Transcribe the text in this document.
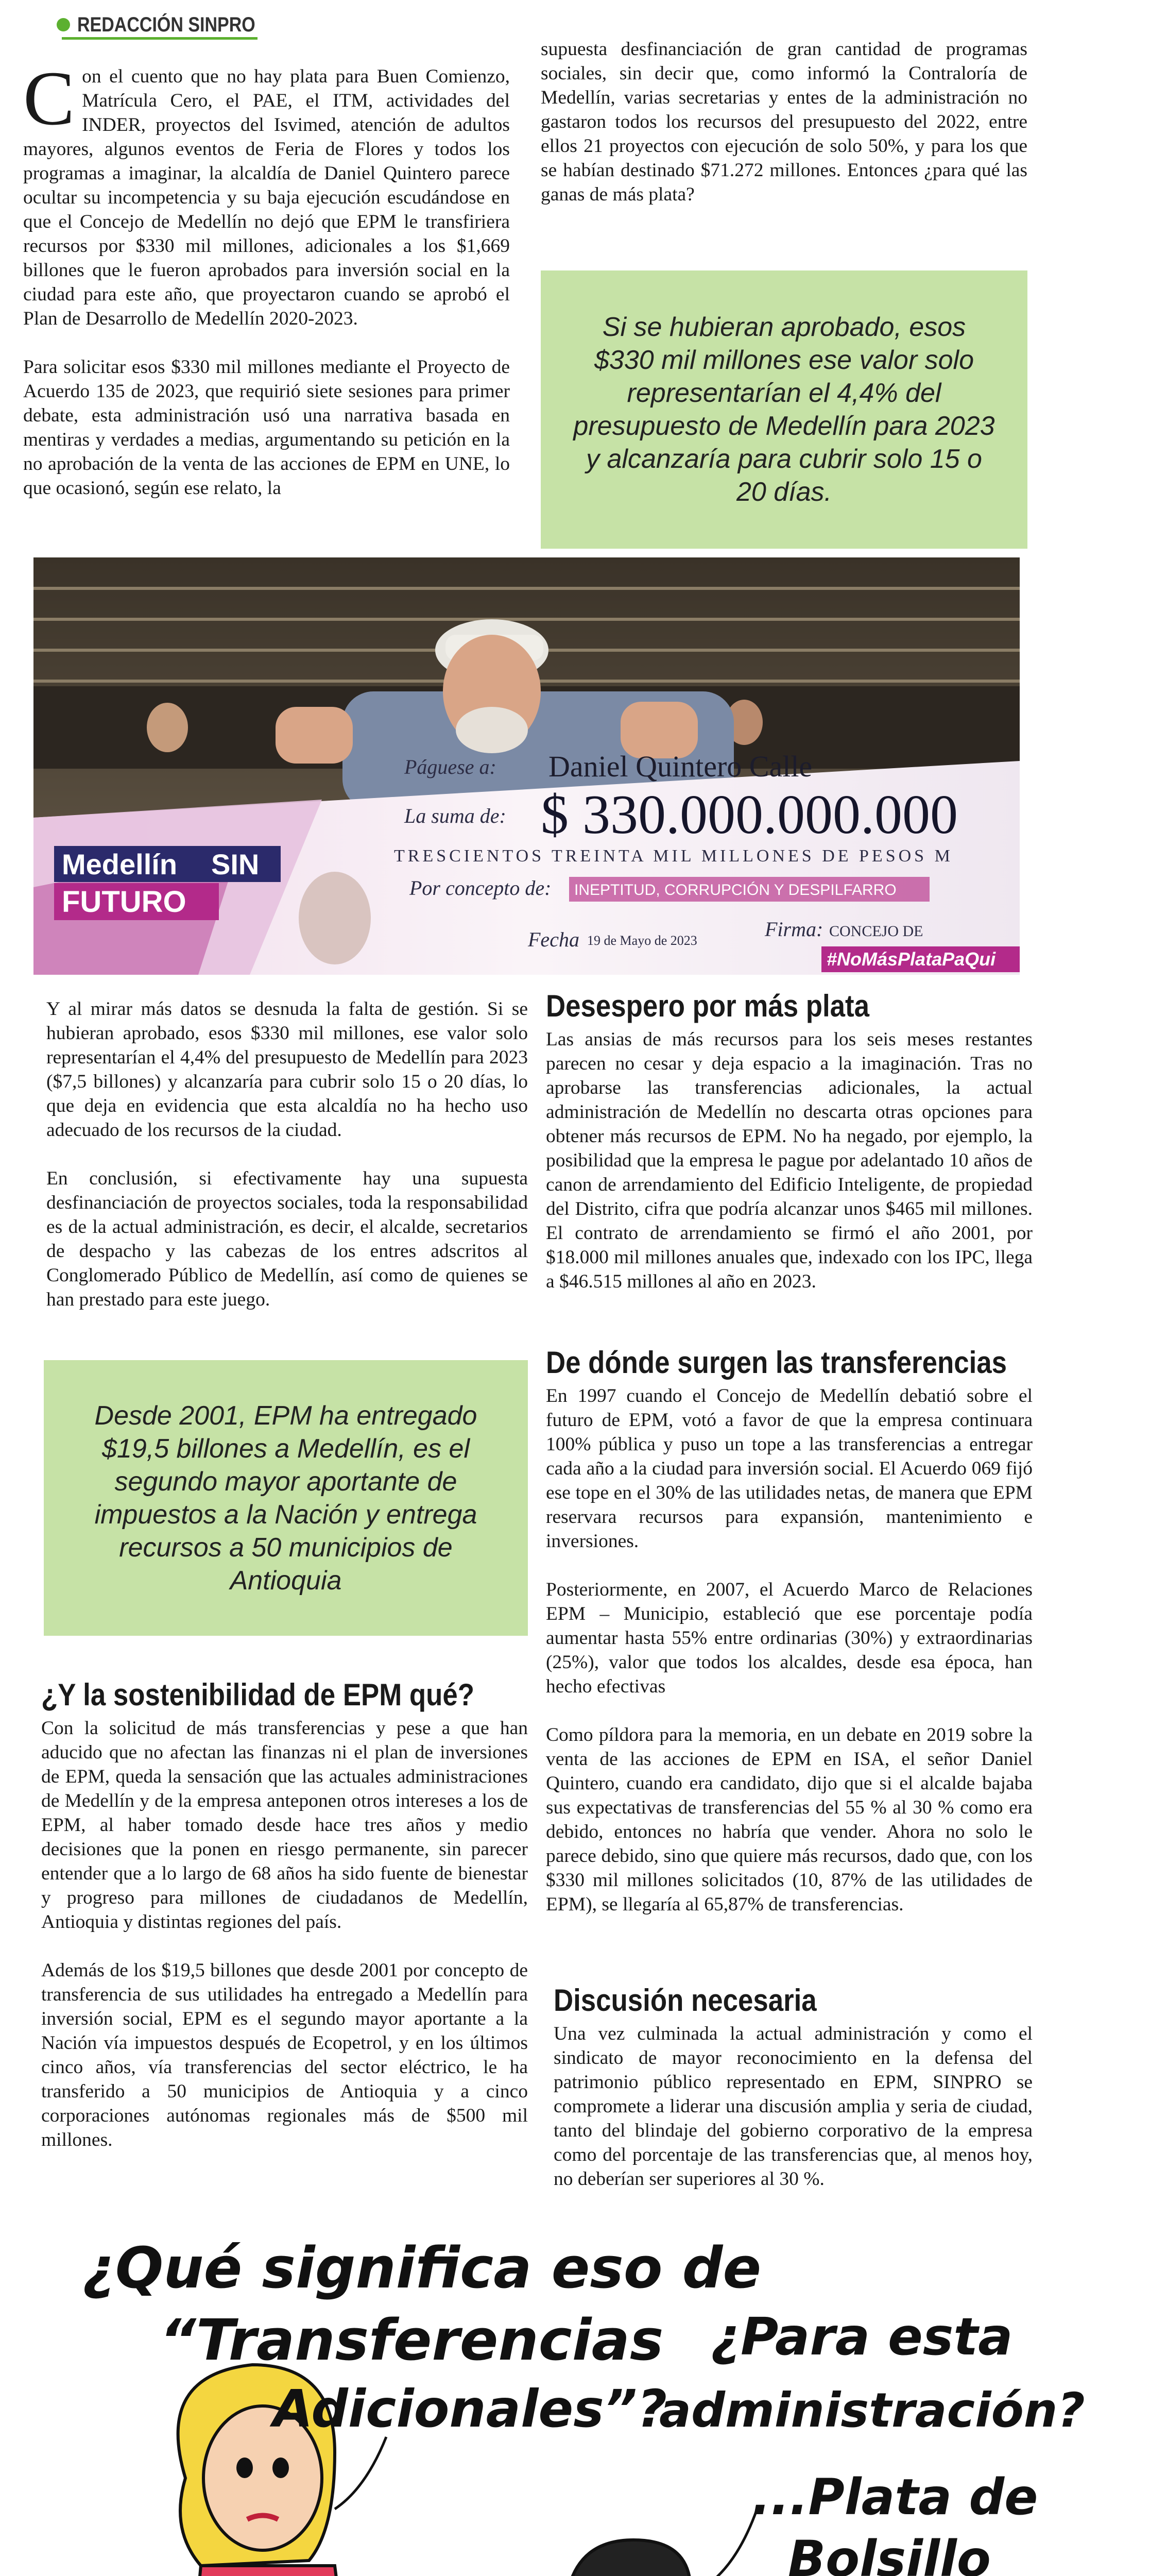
REDACCIÓN SINPRO

Con el cuento que no hay plata para Buen Comienzo, Matrícula Cero, el PAE, el ITM, actividades del INDER, proyectos del Isvimed, atención de adultos mayores, algunos eventos de Feria de Flores y todos los programas a imaginar, la alcaldía de Daniel Quintero parece ocultar su incompetencia y su baja ejecución escudándose en que el Concejo de Medellín no dejó que EPM le transfiriera recursos por $330 mil millones, adicionales a los $1,669 billones que le fueron aprobados para inversión social en la ciudad para este año, que proyectaron cuando se aprobó el Plan de Desarrollo de Medellín 2020-2023.

Para solicitar esos $330 mil millones mediante el Proyecto de Acuerdo 135 de 2023, que requirió siete sesiones para primer debate, esta administración usó una narrativa basada en mentiras y verdades a medias, argumentando su petición en la no aprobación de la venta de las acciones de EPM en UNE, lo que ocasionó, según ese relato, la

supuesta desfinanciación de gran cantidad de programas sociales, sin decir que, como informó la Contraloría de Medellín, varias secretarias y entes de la administración no gastaron todos los recursos del presupuesto del 2022, entre ellos 21 proyectos con ejecución de solo 50%, y para los que se habían destinado $71.272 millones. Entonces ¿para qué las ganas de más plata?

Si se hubieran aprobado, esos $330 mil millones ese valor solo representarían el 4,4% del presupuesto de Medellín para 2023 y alcanzaría para cubrir solo 15 o 20 días.
Medellín SIN
FUTURO
Páguese a: Daniel Quintero Calle
La suma de: $ 330.000.000.000
TRESCIENTOS TREINTA MIL MILLONES DE PESOS M
Por concepto de: INEPTITUD, CORRUPCIÓN Y DESPILFARRO
Fecha 19 de Mayo de 2023	Firma: CONCEJO DE
#NoMásPlataPaQui

Y al mirar más datos se desnuda la falta de gestión. Si se hubieran aprobado, esos $330 mil millones, ese valor solo representarían el 4,4% del presupuesto de Medellín para 2023 ($7,5 billones) y alcanzaría para cubrir solo 15 o 20 días, lo que deja en evidencia que esta alcaldía no ha hecho uso adecuado de los recursos de la ciudad.

En conclusión, si efectivamente hay una supuesta desfinanciación de proyectos sociales, toda la responsabilidad es de la actual administración, es decir, el alcalde, secretarios de despacho y las cabezas de los entres adscritos al Conglomerado Público de Medellín, así como de quienes se han prestado para este juego.

Desde 2001, EPM ha entregado $19,5 billones a Medellín, es el segundo mayor aportante de impuestos a la Nación y entrega recursos a 50 municipios de Antioquia
¿Y la sostenibilidad de EPM qué?

Con la solicitud de más transferencias y pese a que han aducido que no afectan las finanzas ni el plan de inversiones de EPM, queda la sensación que las actuales administraciones de Medellín y de la empresa anteponen otros intereses a los de EPM, al haber tomado desde hace tres años y medio decisiones que la ponen en riesgo permanente, sin parecer entender que a lo largo de 68 años ha sido fuente de bienestar y progreso para millones de ciudadanos de Medellín, Antioquia y distintas regiones del país.

Además de los $19,5 billones que desde 2001 por concepto de transferencia de sus utilidades ha entregado a Medellín para inversión social, EPM es el segundo mayor aportante a la Nación vía impuestos después de Ecopetrol, y en los últimos cinco años, vía transferencias del sector eléctrico, le ha transferido a 50 municipios de Antioquia y a cinco corporaciones autónomas regionales más de $500 mil millones.

Desespero por más plata

Las ansias de más recursos para los seis meses restantes parecen no cesar y deja espacio a la imaginación. Tras no aprobarse las transferencias adicionales, la actual administración de Medellín no descarta otras opciones para obtener más recursos de EPM. No ha negado, por ejemplo, la posibilidad que la empresa le pague por adelantado 10 años de canon de arrendamiento del Edificio Inteligente, de propiedad del Distrito, cifra que podría alcanzar unos $465 mil millones. El contrato de arrendamiento se firmó el año 2001, por $18.000 mil millones anuales que, indexado con los IPC, llega a $46.515 millones al año en 2023.

De dónde surgen las transferencias

En 1997 cuando el Concejo de Medellín debatió sobre el futuro de EPM, votó a favor de que la empresa continuara 100% pública y puso un tope a las transferencias a entregar cada año a la ciudad para inversión social. El Acuerdo 069 fijó ese tope en el 30% de las utilidades netas, de manera que EPM reservara recursos para expansión, mantenimiento e inversiones.

Posteriormente, en 2007, el Acuerdo Marco de Relaciones EPM – Municipio, estableció que ese porcentaje podía aumentar hasta 55% entre ordinarias (30%) y extraordinarias (25%), valor que todos los alcaldes, desde esa época, han hecho efectivas

Como píldora para la memoria, en un debate en 2019 sobre la venta de las acciones de EPM en ISA, el señor Daniel Quintero, cuando era candidato, dijo que si el alcalde bajaba sus expectativas de transferencias del 55 % al 30 % como era debido, entonces no habría que vender. Ahora no solo le parece debido, sino que quiere más recursos, dado que, con los $330 mil millones solicitados (10, 87% de las utilidades de EPM), se llegaría al 65,87% de transferencias.

Discusión necesaria

Una vez culminada la actual administración y como el sindicato de mayor reconocimiento en la defensa del patrimonio público representado en EPM, SINPRO se compromete a liderar una discusión amplia y seria de ciudad, tanto del blindaje del gobierno corporativo de la empresa como del porcentaje de las transferencias que, al menos hoy, no deberían ser superiores al 30 %.

¿Qué significa eso de
“Transferencias
Adicionales”?
¿Para esta
administración?
...Plata de
Bolsillo
